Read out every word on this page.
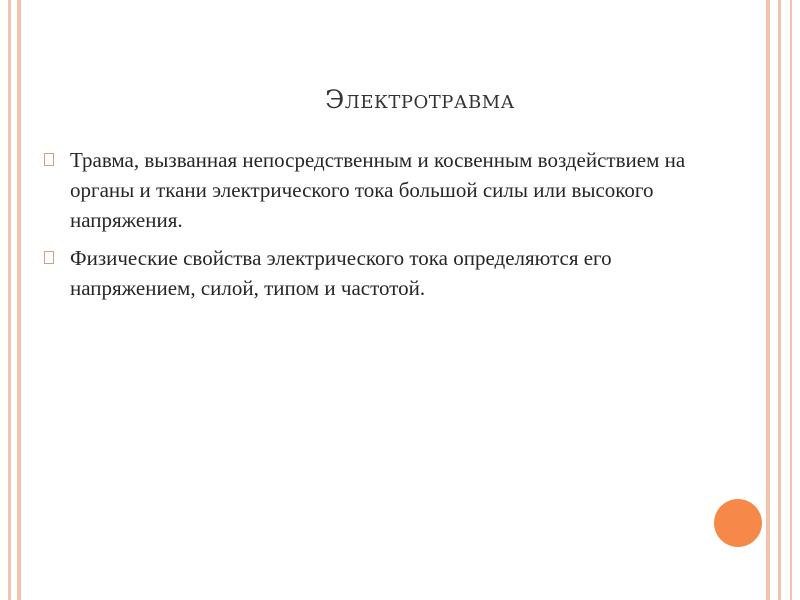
Электротравма
Травма, вызванная непосредственным и косвенным воздействием на органы и ткани электрического тока большой силы или высокого напряжения.
Физические свойства электрического тока определяются его напряжением, силой, типом и частотой.
